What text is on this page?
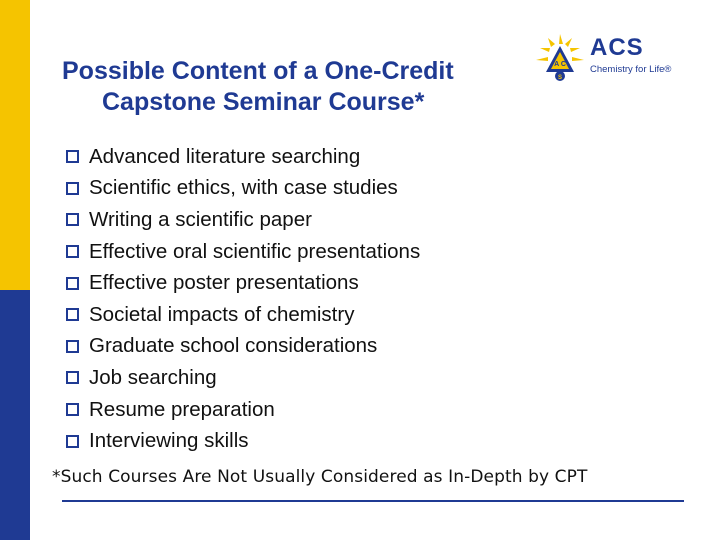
Possible Content of a One-Credit
Capstone Seminar Course*
A C
S
ACS
Chemistry for Life®
Advanced literature searching
Scientific ethics, with case studies
Writing a scientific paper
Effective oral scientific presentations
Effective poster presentations
Societal impacts of chemistry
Graduate school considerations
Job searching
Resume preparation
Interviewing skills
*Such Courses Are Not Usually Considered as In-Depth by CPT
